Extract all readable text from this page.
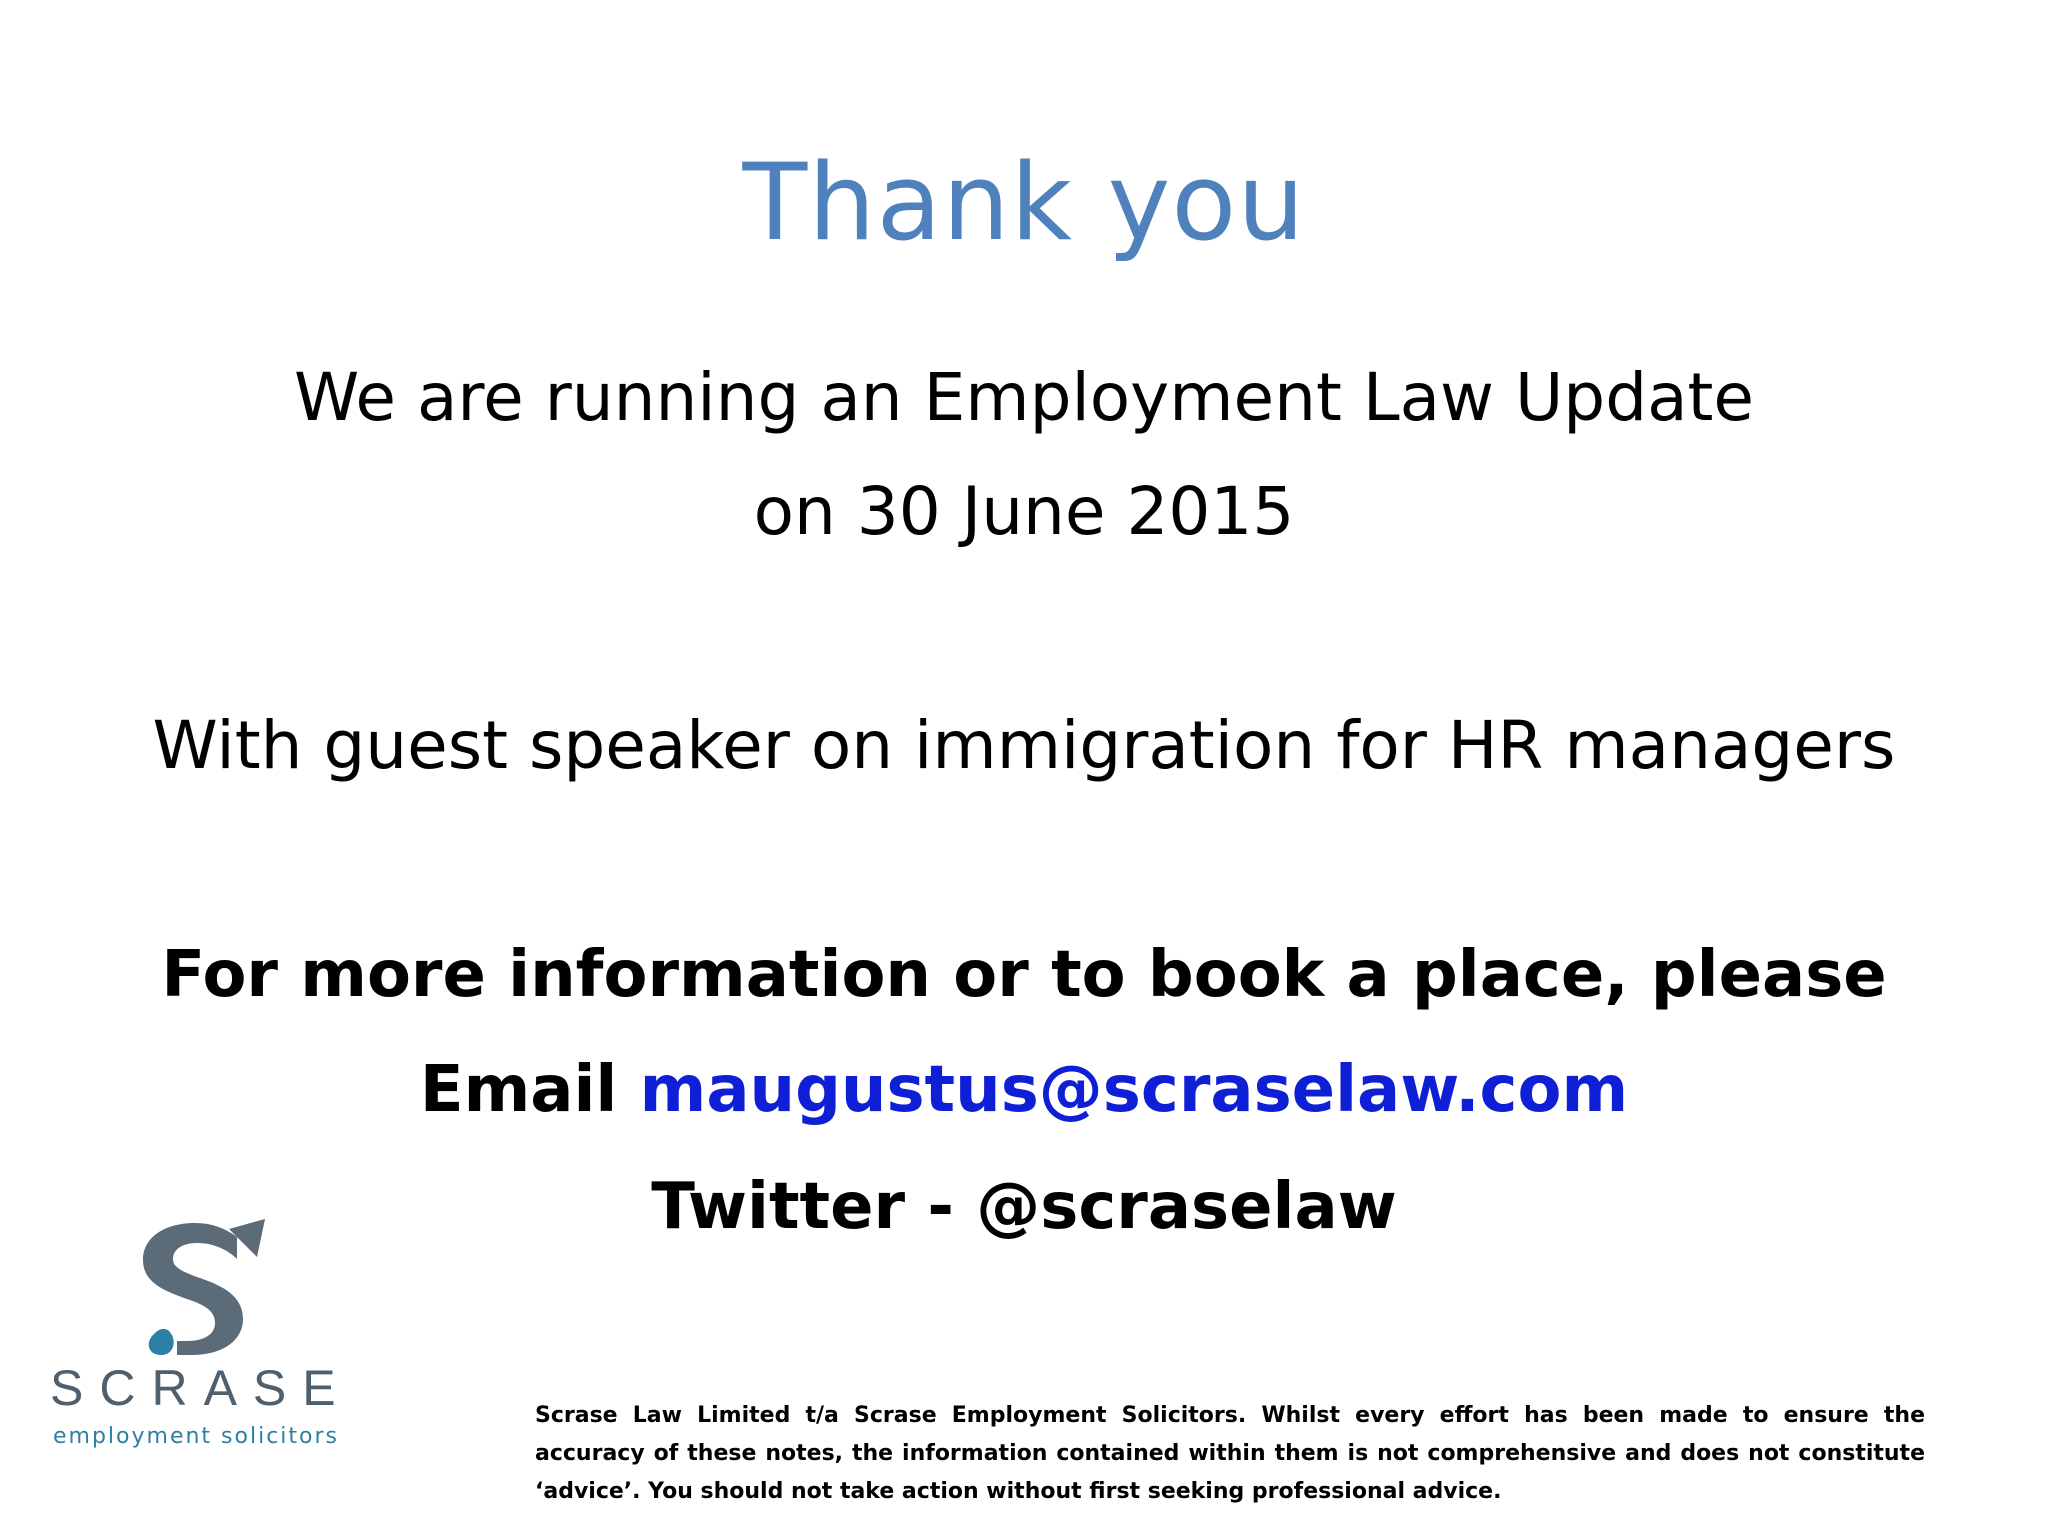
Thank you
We are running an Employment Law Update
on 30 June 2015
With guest speaker on immigration for HR managers
For more information or to book a place, please
Email maugustus@scraselaw.com
Twitter - @scraselaw
SCRASE
employment solicitors
Scrase Law Limited t/a Scrase Employment Solicitors. Whilst every effort has been made to ensure the accuracy of these notes, the information contained within them is not comprehensive and does not constitute ‘advice’. You should not take action without first seeking professional advice.
